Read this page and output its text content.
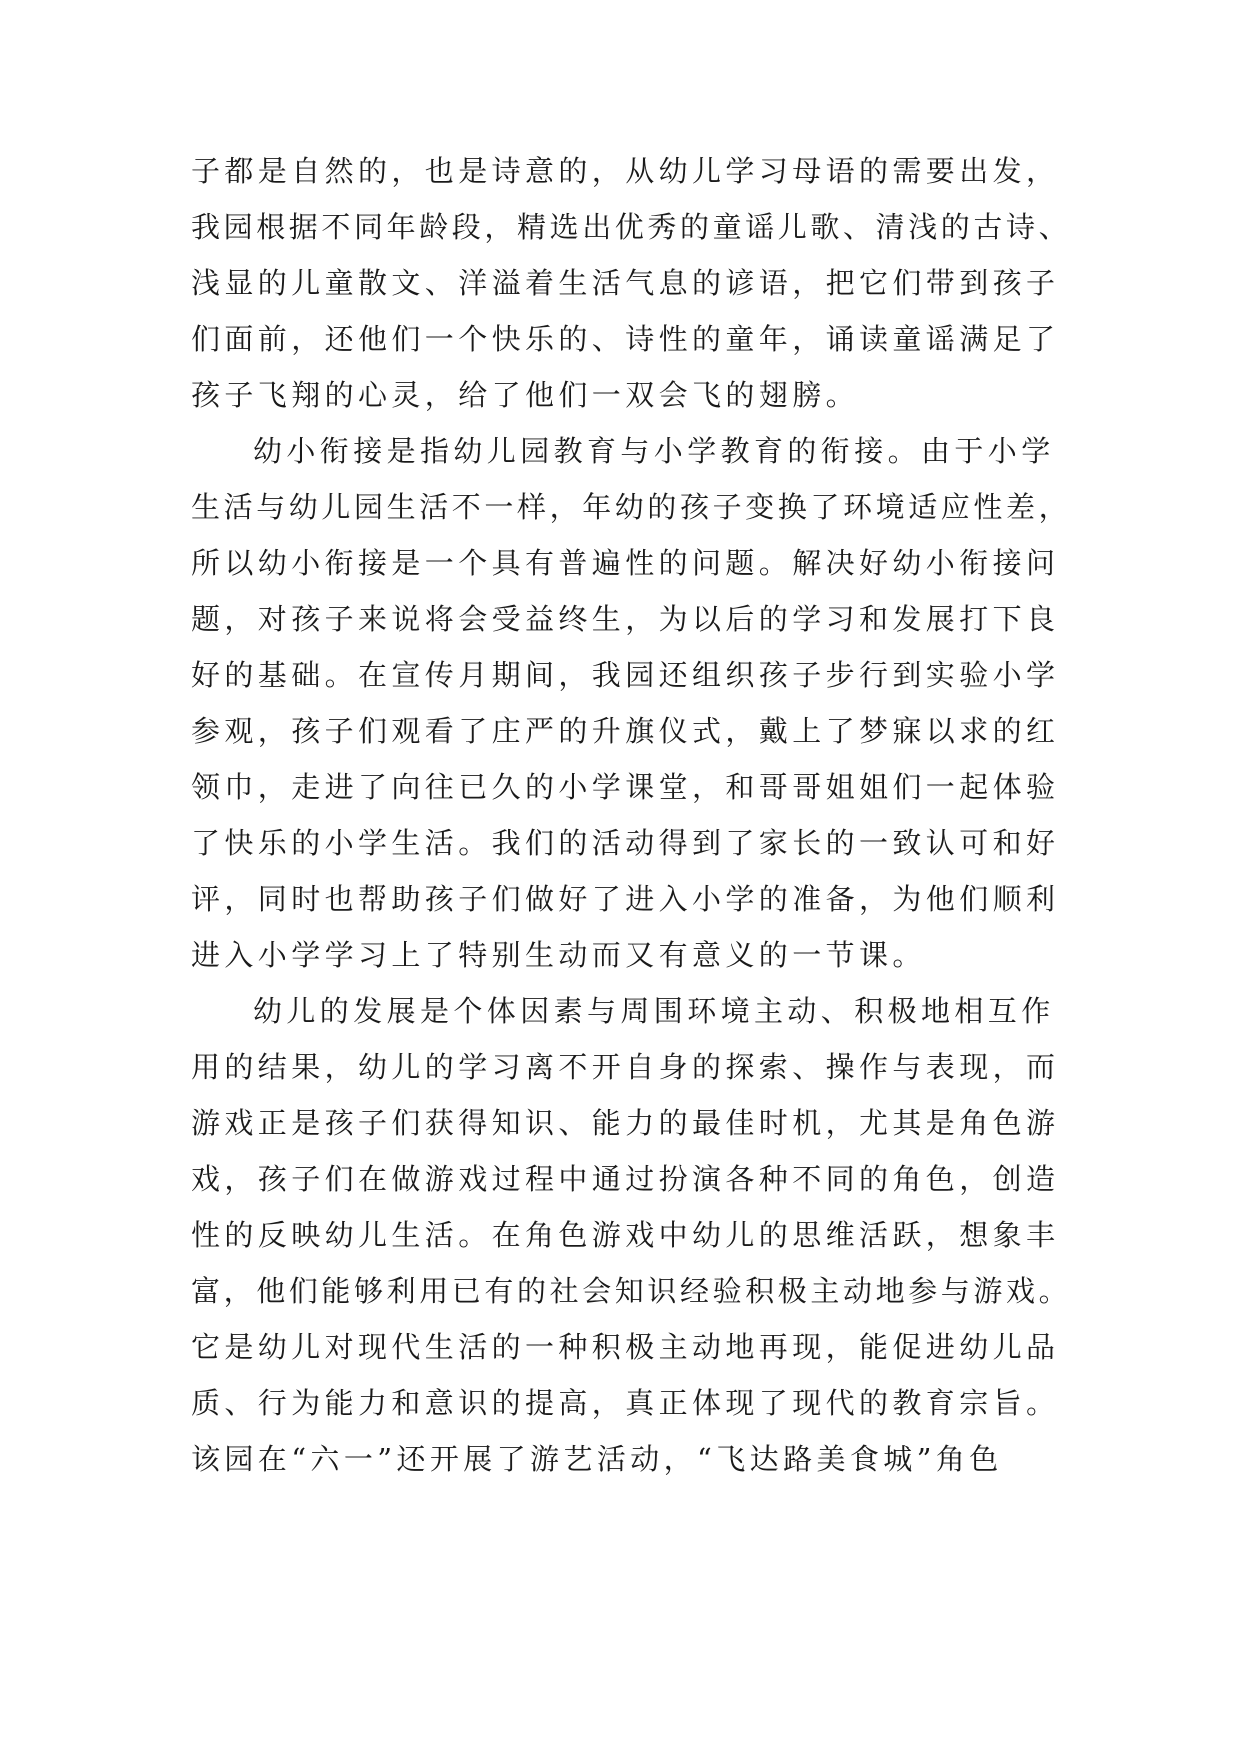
子都是自然的，也是诗意的，从幼儿学习母语的需要出发，
我园根据不同年龄段，精选出优秀的童谣儿歌、清浅的古诗、
浅显的儿童散文、洋溢着生活气息的谚语，把它们带到孩子
们面前，还他们一个快乐的、诗性的童年，诵读童谣满足了
孩子飞翔的心灵，给了他们一双会飞的翅膀。
幼小衔接是指幼儿园教育与小学教育的衔接。由于小学
生活与幼儿园生活不一样，年幼的孩子变换了环境适应性差，
所以幼小衔接是一个具有普遍性的问题。解决好幼小衔接问
题，对孩子来说将会受益终生，为以后的学习和发展打下良
好的基础。在宣传月期间，我园还组织孩子步行到实验小学
参观，孩子们观看了庄严的升旗仪式，戴上了梦寐以求的红
领巾，走进了向往已久的小学课堂，和哥哥姐姐们一起体验
了快乐的小学生活。我们的活动得到了家长的一致认可和好
评，同时也帮助孩子们做好了进入小学的准备，为他们顺利
进入小学学习上了特别生动而又有意义的一节课。
幼儿的发展是个体因素与周围环境主动、积极地相互作
用的结果，幼儿的学习离不开自身的探索、操作与表现，而
游戏正是孩子们获得知识、能力的最佳时机，尤其是角色游
戏，孩子们在做游戏过程中通过扮演各种不同的角色，创造
性的反映幼儿生活。在角色游戏中幼儿的思维活跃，想象丰
富，他们能够利用已有的社会知识经验积极主动地参与游戏。
它是幼儿对现代生活的一种积极主动地再现，能促进幼儿品
质、行为能力和意识的提高，真正体现了现代的教育宗旨。
该园在“六一”还开展了游艺活动，“飞达路美食城”角色
